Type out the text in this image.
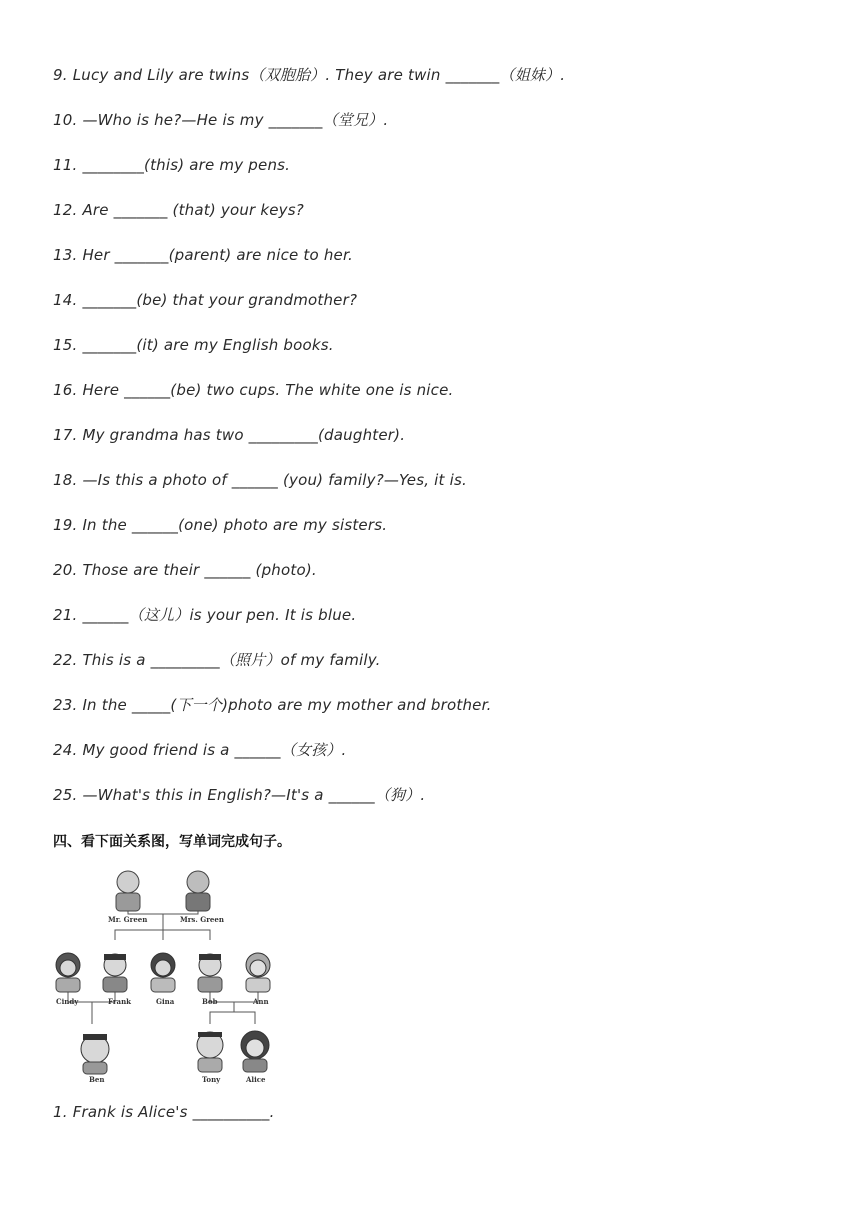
9. Lucy and Lily are twins（双胞胎）. They are twin _______（姐妹）.
10. —Who is he?—He is my _______（堂兄）.
11. ________(this) are my pens.
12. Are _______ (that) your keys?
13. Her _______(parent) are nice to her.
14. _______(be) that your grandmother?
15. _______(it) are my English books.
16. Here ______(be) two cups. The white one is nice.
17. My grandma has two _________(daughter).
18. —Is this a photo of ______ (you) family?—Yes, it is.
19. In the ______(one) photo are my sisters.
20. Those are their ______ (photo).
21. ______（这儿）is your pen. It is blue.
22. This is a _________（照片）of my family.
23. In the _____(下一个)photo are my mother and brother.
24. My good friend is a ______（女孩）.
25. —What's this in English?—It's a ______（狗）.
四、看下面关系图，写单词完成句子。
Mr. Green	Mrs. Green
Cindy	Frank	Gina	Bob	Ann
Ben	Tony	Alice
1. Frank is Alice's __________.
